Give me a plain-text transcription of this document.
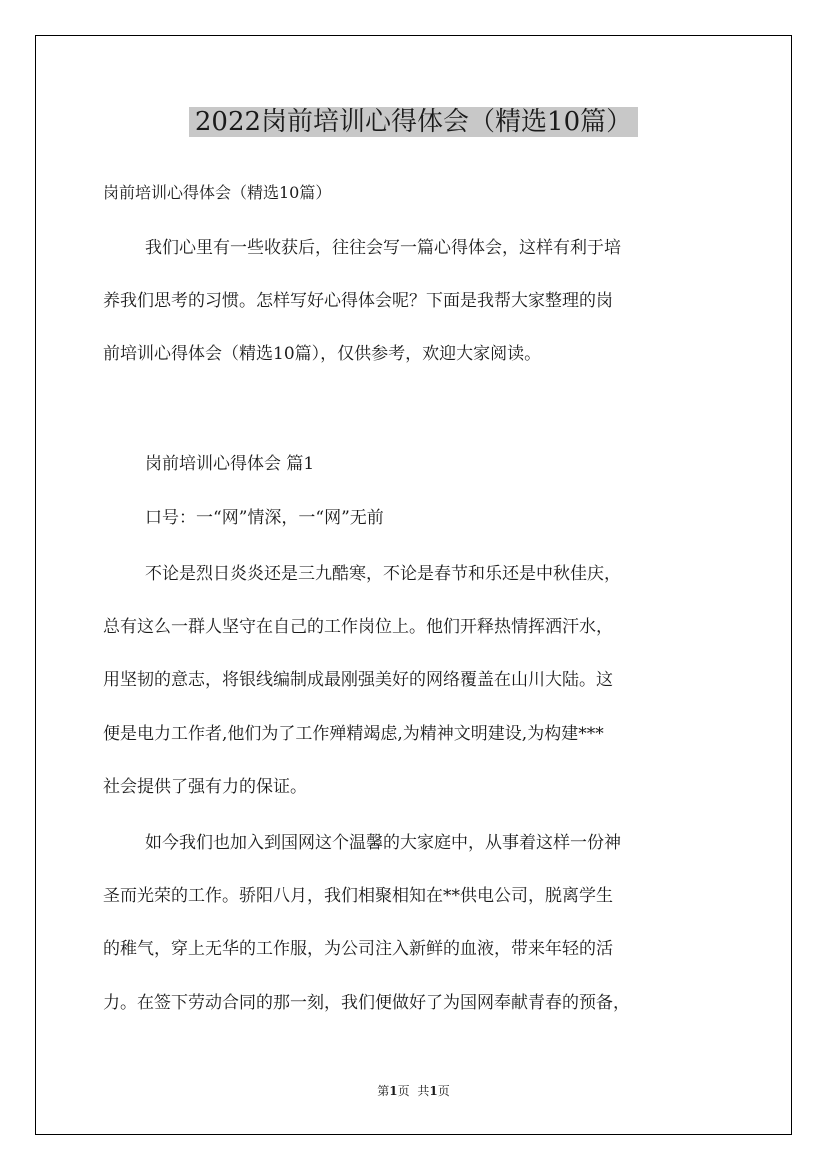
2022岗前培训心得体会（精选10篇）

岗前培训心得体会（精选10篇）

我们心里有一些收获后，往往会写一篇心得体会，这样有利于培

养我们思考的习惯。怎样写好心得体会呢？下面是我帮大家整理的岗

前培训心得体会（精选10篇），仅供参考，欢迎大家阅读。

岗前培训心得体会 篇1

口号：一“网”情深，一“网”无前

不论是烈日炎炎还是三九酷寒，不论是春节和乐还是中秋佳庆，

总有这么一群人坚守在自己的工作岗位上。他们开释热情挥洒汗水，

用坚韧的意志，将银线编制成最刚强美好的网络覆盖在山川大陆。这

便是电力工作者,他们为了工作殚精竭虑,为精神文明建设,为构建***

社会提供了强有力的保证。

如今我们也加入到国网这个温馨的大家庭中，从事着这样一份神

圣而光荣的工作。骄阳八月，我们相聚相知在**供电公司，脱离学生

的稚气，穿上无华的工作服，为公司注入新鲜的血液，带来年轻的活

力。在签下劳动合同的那一刻，我们便做好了为国网奉献青春的预备，

第1页 共1页
